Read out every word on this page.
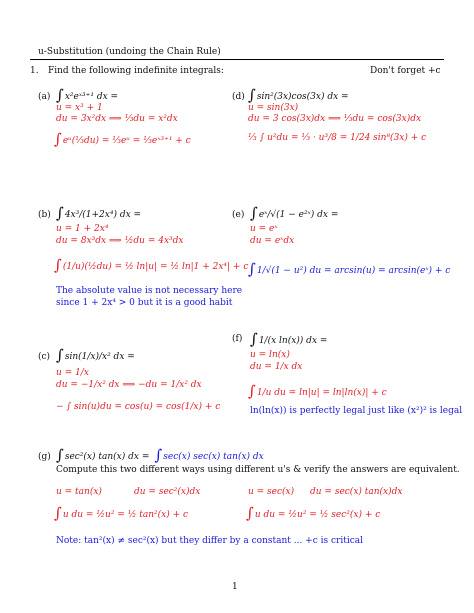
u-Substitution (undoing the Chain Rule)
1. Find the following indefinite integrals:	Don't forget +c
(a) ∫x²eˣ³⁺¹ dx =
u = x³ + 1
du = 3x²dx ⟹ ⅓du = x²dx
∫eᵘ(⅓du) = ⅓eᵘ = ⅓eˣ³⁺¹ + c
(d) ∫sin²(3x)cos(3x) dx =
u = sin(3x)
du = 3 cos(3x)dx ⟹ ⅓du = cos(3x)dx
⅓ ∫ u²du = ⅓ · u³/8 = 1/24 sin⁸(3x) + c
(b) ∫4x³/(1+2x⁴) dx =
u = 1 + 2x⁴
du = 8x³dx ⟹ ½du = 4x³dx
∫(1/u)(½du) = ½ ln|u| = ½ ln|1 + 2x⁴| + c
The absolute value is not necessary here
since 1 + 2x⁴ > 0 but it is a good habit
(e) ∫eˣ/√(1 − e²ˣ) dx =
u = eˣ
du = eˣdx
∫1/√(1 − u²) du = arcsin(u) = arcsin(eˣ) + c
(f) ∫1/(x ln(x)) dx =
u = ln(x)
du = 1/x dx
∫1/u du = ln|u| = ln|ln(x)| + c
ln(ln(x)) is perfectly legal just like (x²)² is legal
(c) ∫sin(1/x)/x² dx =
u = 1/x
du = −1/x² dx ⟹ −du = 1/x² dx
− ∫ sin(u)du = cos(u) = cos(1/x) + c
(g) ∫sec²(x) tan(x) dx = ∫sec(x) sec(x) tan(x) dx
Compute this two different ways using different u's & verify the answers are equivalent.
u = tan(x)	du = sec²(x)dx
∫u du = ½u² = ½ tan²(x) + c
u = sec(x) du = sec(x) tan(x)dx
∫u du = ½u² = ½ sec²(x) + c
Note: tan²(x) ≠ sec²(x) but they differ by a constant ... +c is critical
1
